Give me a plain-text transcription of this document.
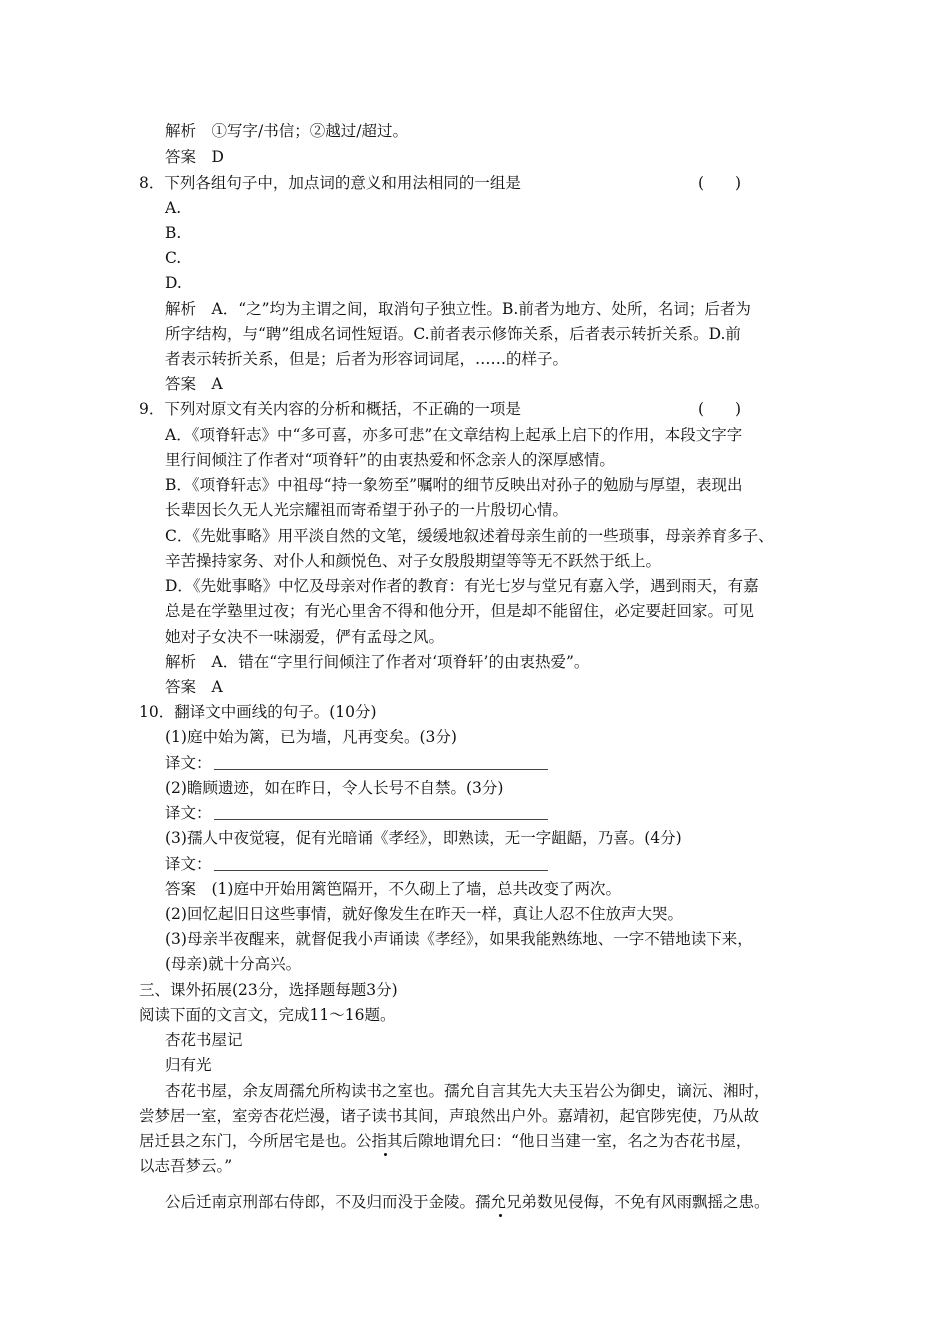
解析　①写字/书信；②越过/超过。
答案　D
8．下列各组句子中，加点词的意义和用法相同的一组是	(　　)
A.
B.
C.
D.
解析　A．“之”均为主谓之间，取消句子独立性。B.前者为地方、处所，名词；后者为
所字结构，与“聘”组成名词性短语。C.前者表示修饰关系，后者表示转折关系。D.前
者表示转折关系，但是；后者为形容词词尾，……的样子。
答案　A
9．下列对原文有关内容的分析和概括，不正确的一项是	(　　)
A．《项脊轩志》中“多可喜，亦多可悲”在文章结构上起承上启下的作用，本段文字字
里行间倾注了作者对“项脊轩”的由衷热爱和怀念亲人的深厚感情。
B．《项脊轩志》中祖母“持一象笏至”嘱咐的细节反映出对孙子的勉励与厚望，表现出
长辈因长久无人光宗耀祖而寄希望于孙子的一片殷切心情。
C．《先妣事略》用平淡自然的文笔，缓缓地叙述着母亲生前的一些琐事，母亲养育多子、
辛苦操持家务、对仆人和颜悦色、对子女殷殷期望等等无不跃然于纸上。
D．《先妣事略》中忆及母亲对作者的教育：有光七岁与堂兄有嘉入学，遇到雨天，有嘉
总是在学塾里过夜；有光心里舍不得和他分开，但是却不能留住，必定要赶回家。可见
她对子女决不一味溺爱，俨有孟母之风。
解析　A．错在“字里行间倾注了作者对‘项脊轩’的由衷热爱”。
答案　A
10．翻译文中画线的句子。(10分)
(1)庭中始为篱，已为墙，凡再变矣。(3分)
译文：
(2)瞻顾遗迹，如在昨日，令人长号不自禁。(3分)
译文：
(3)孺人中夜觉寝，促有光暗诵《孝经》，即熟读，无一字龃龉，乃喜。(4分)
译文：
答案　(1)庭中开始用篱笆隔开，不久砌上了墙，总共改变了两次。
(2)回忆起旧日这些事情，就好像发生在昨天一样，真让人忍不住放声大哭。
(3)母亲半夜醒来，就督促我小声诵读《孝经》，如果我能熟练地、一字不错地读下来，
(母亲)就十分高兴。
三、课外拓展(23分，选择题每题3分)
阅读下面的文言文，完成11～16题。
杏花书屋记
归有光
杏花书屋，余友周孺允所构读书之室也。孺允自言其先大夫玉岩公为御史，谪沅、湘时，
尝梦居一室，室旁杏花烂漫，诸子读书其间，声琅然出户外。嘉靖初，起官陟宪使，乃从故
居迁县之东门，今所居宅是也。公指其后隙地谓允曰：“他日当建一室，名之为杏花书屋，
以志吾梦云。”
公后迁南京刑部右侍郎，不及归而没于金陵。孺允兄弟数见侵侮，不免有风雨飘摇之患。
